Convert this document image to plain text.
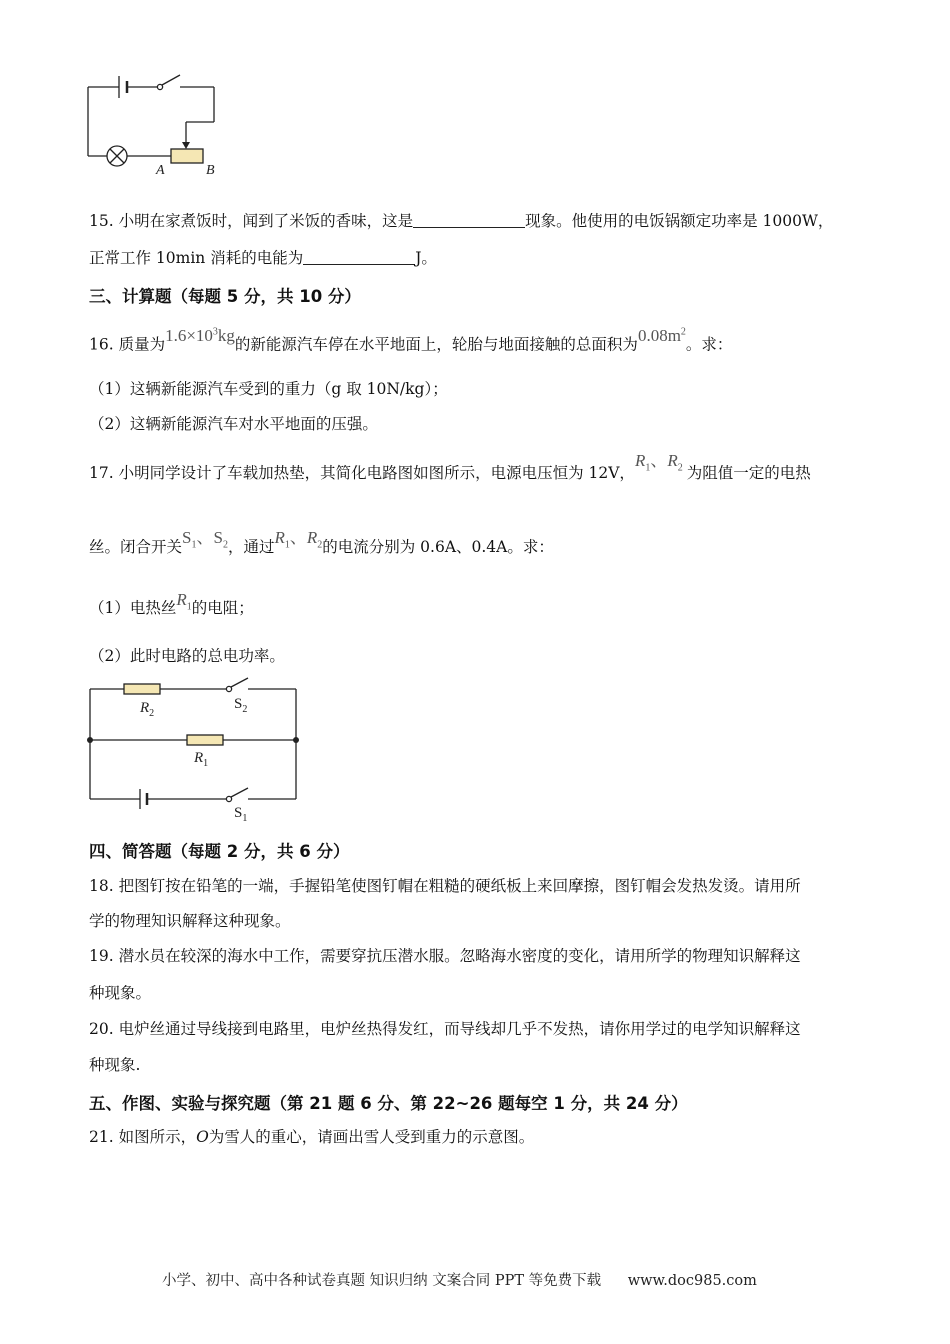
A	B
15. 小明在家煮饭时，闻到了米饭的香味，这是	现象。他使用的电饭锅额定功率是 1000W，
正常工作 10min 消耗的电能为	J。
三、计算题（每题 5 分，共 10 分）
16. 质量为$1.6\times 10^3kg$的新能源汽车停在水平地面上，轮胎与地面接触的总面积为$0.08m^2$。求：
（1）这辆新能源汽车受到的重力（g 取 10N/kg）；
（2）这辆新能源汽车对水平地面的压强。
17. 小明同学设计了车载加热垫，其简化电路图如图所示，电源电压恒为 12V，$R_1$、$R_2$ 为阻值一定的电热
丝。闭合开关$S_1$、$S_2$，通过$R_1$、$R_2$的电流分别为 0.6A、0.4A。求：
（1）电热丝$R_1$的电阻；
（2）此时电路的总电功率。
$R_2$
$S_2$
$R_1$
$S_1$
四、简答题（每题 2 分，共 6 分）
18. 把图钉按在铅笔的一端，手握铅笔使图钉帽在粗糙的硬纸板上来回摩擦，图钉帽会发热发烫。请用所
学的物理知识解释这种现象。
19. 潜水员在较深的海水中工作，需要穿抗压潜水服。忽略海水密度的变化，请用所学的物理知识解释这
种现象。
20. 电炉丝通过导线接到电路里，电炉丝热得发红，而导线却几乎不发热，请你用学过的电学知识解释这
种现象.
五、作图、实验与探究题（第 21 题 6 分、第 22~26 题每空 1 分，共 24 分）
21. 如图所示，O为雪人的重心，请画出雪人受到重力的示意图。
小学、初中、高中各种试卷真题 知识归纳 文案合同 PPT 等免费下载 www.doc985.com
